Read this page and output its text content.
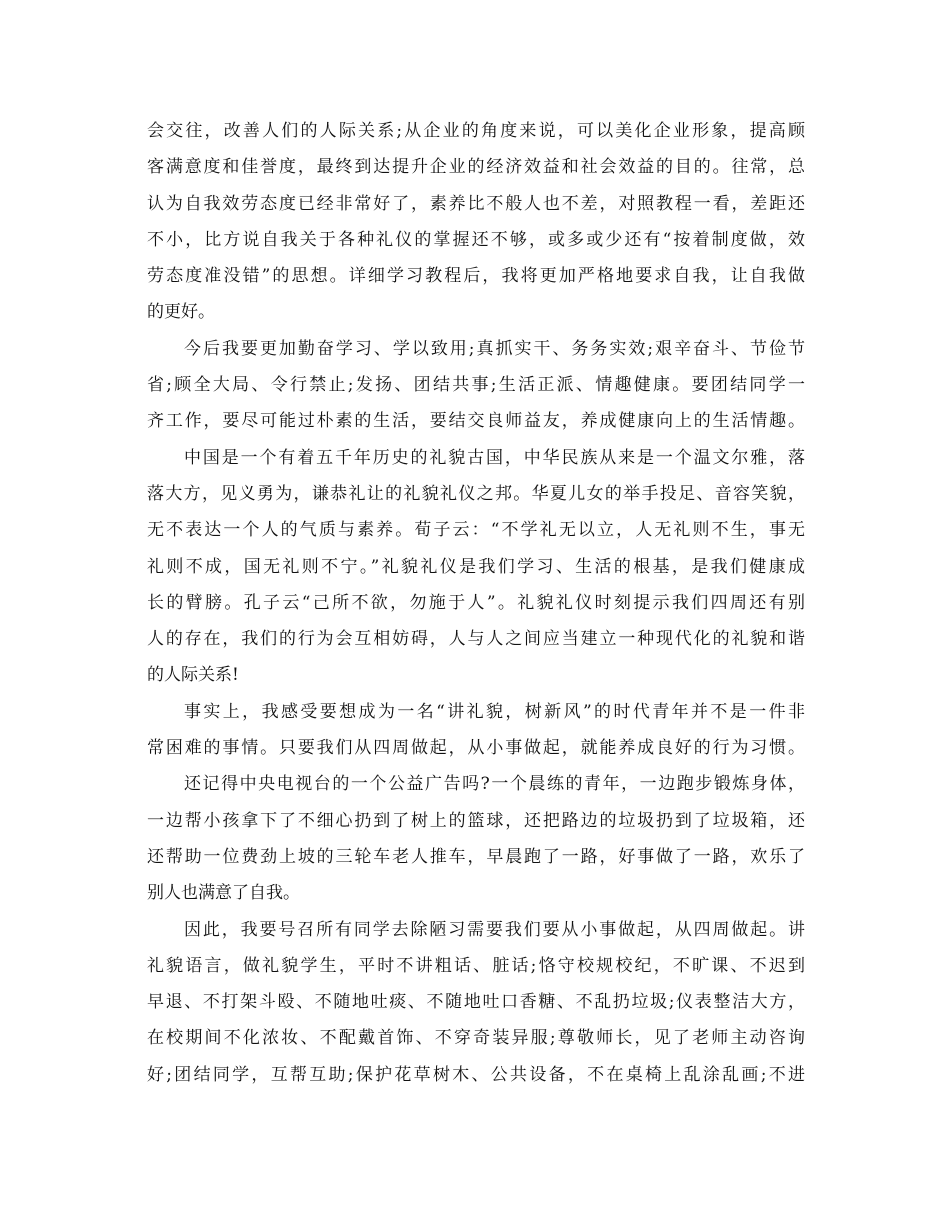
会交往，改善人们的人际关系;从企业的角度来说，可以美化企业形象，提高顾
客满意度和佳誉度，最终到达提升企业的经济效益和社会效益的目的。往常，总
认为自我效劳态度已经非常好了，素养比不般人也不差，对照教程一看，差距还
不小，比方说自我关于各种礼仪的掌握还不够，或多或少还有“按着制度做，效
劳态度准没错”的思想。详细学习教程后，我将更加严格地要求自我，让自我做
的更好。
今后我要更加勤奋学习、学以致用;真抓实干、务务实效;艰辛奋斗、节俭节
省;顾全大局、令行禁止;发扬、团结共事;生活正派、情趣健康。要团结同学一
齐工作，要尽可能过朴素的生活，要结交良师益友，养成健康向上的生活情趣。
中国是一个有着五千年历史的礼貌古国，中华民族从来是一个温文尔雅，落
落大方，见义勇为，谦恭礼让的礼貌礼仪之邦。华夏儿女的举手投足、音容笑貌，
无不表达一个人的气质与素养。荀子云：“不学礼无以立，人无礼则不生，事无
礼则不成，国无礼则不宁。”礼貌礼仪是我们学习、生活的根基，是我们健康成
长的臂膀。孔子云“己所不欲，勿施于人”。礼貌礼仪时刻提示我们四周还有别
人的存在，我们的行为会互相妨碍，人与人之间应当建立一种现代化的礼貌和谐
的人际关系!
事实上，我感受要想成为一名“讲礼貌，树新风”的时代青年并不是一件非
常困难的事情。只要我们从四周做起，从小事做起，就能养成良好的行为习惯。
还记得中央电视台的一个公益广告吗?一个晨练的青年，一边跑步锻炼身体，
一边帮小孩拿下了不细心扔到了树上的篮球，还把路边的垃圾扔到了垃圾箱，还
还帮助一位费劲上坡的三轮车老人推车，早晨跑了一路，好事做了一路，欢乐了
别人也满意了自我。
因此，我要号召所有同学去除陋习需要我们要从小事做起，从四周做起。讲
礼貌语言，做礼貌学生，平时不讲粗话、脏话;恪守校规校纪，不旷课、不迟到
早退、不打架斗殴、不随地吐痰、不随地吐口香糖、不乱扔垃圾;仪表整洁大方，
在校期间不化浓妆、不配戴首饰、不穿奇装异服;尊敬师长，见了老师主动咨询
好;团结同学，互帮互助;保护花草树木、公共设备，不在桌椅上乱涂乱画;不进
